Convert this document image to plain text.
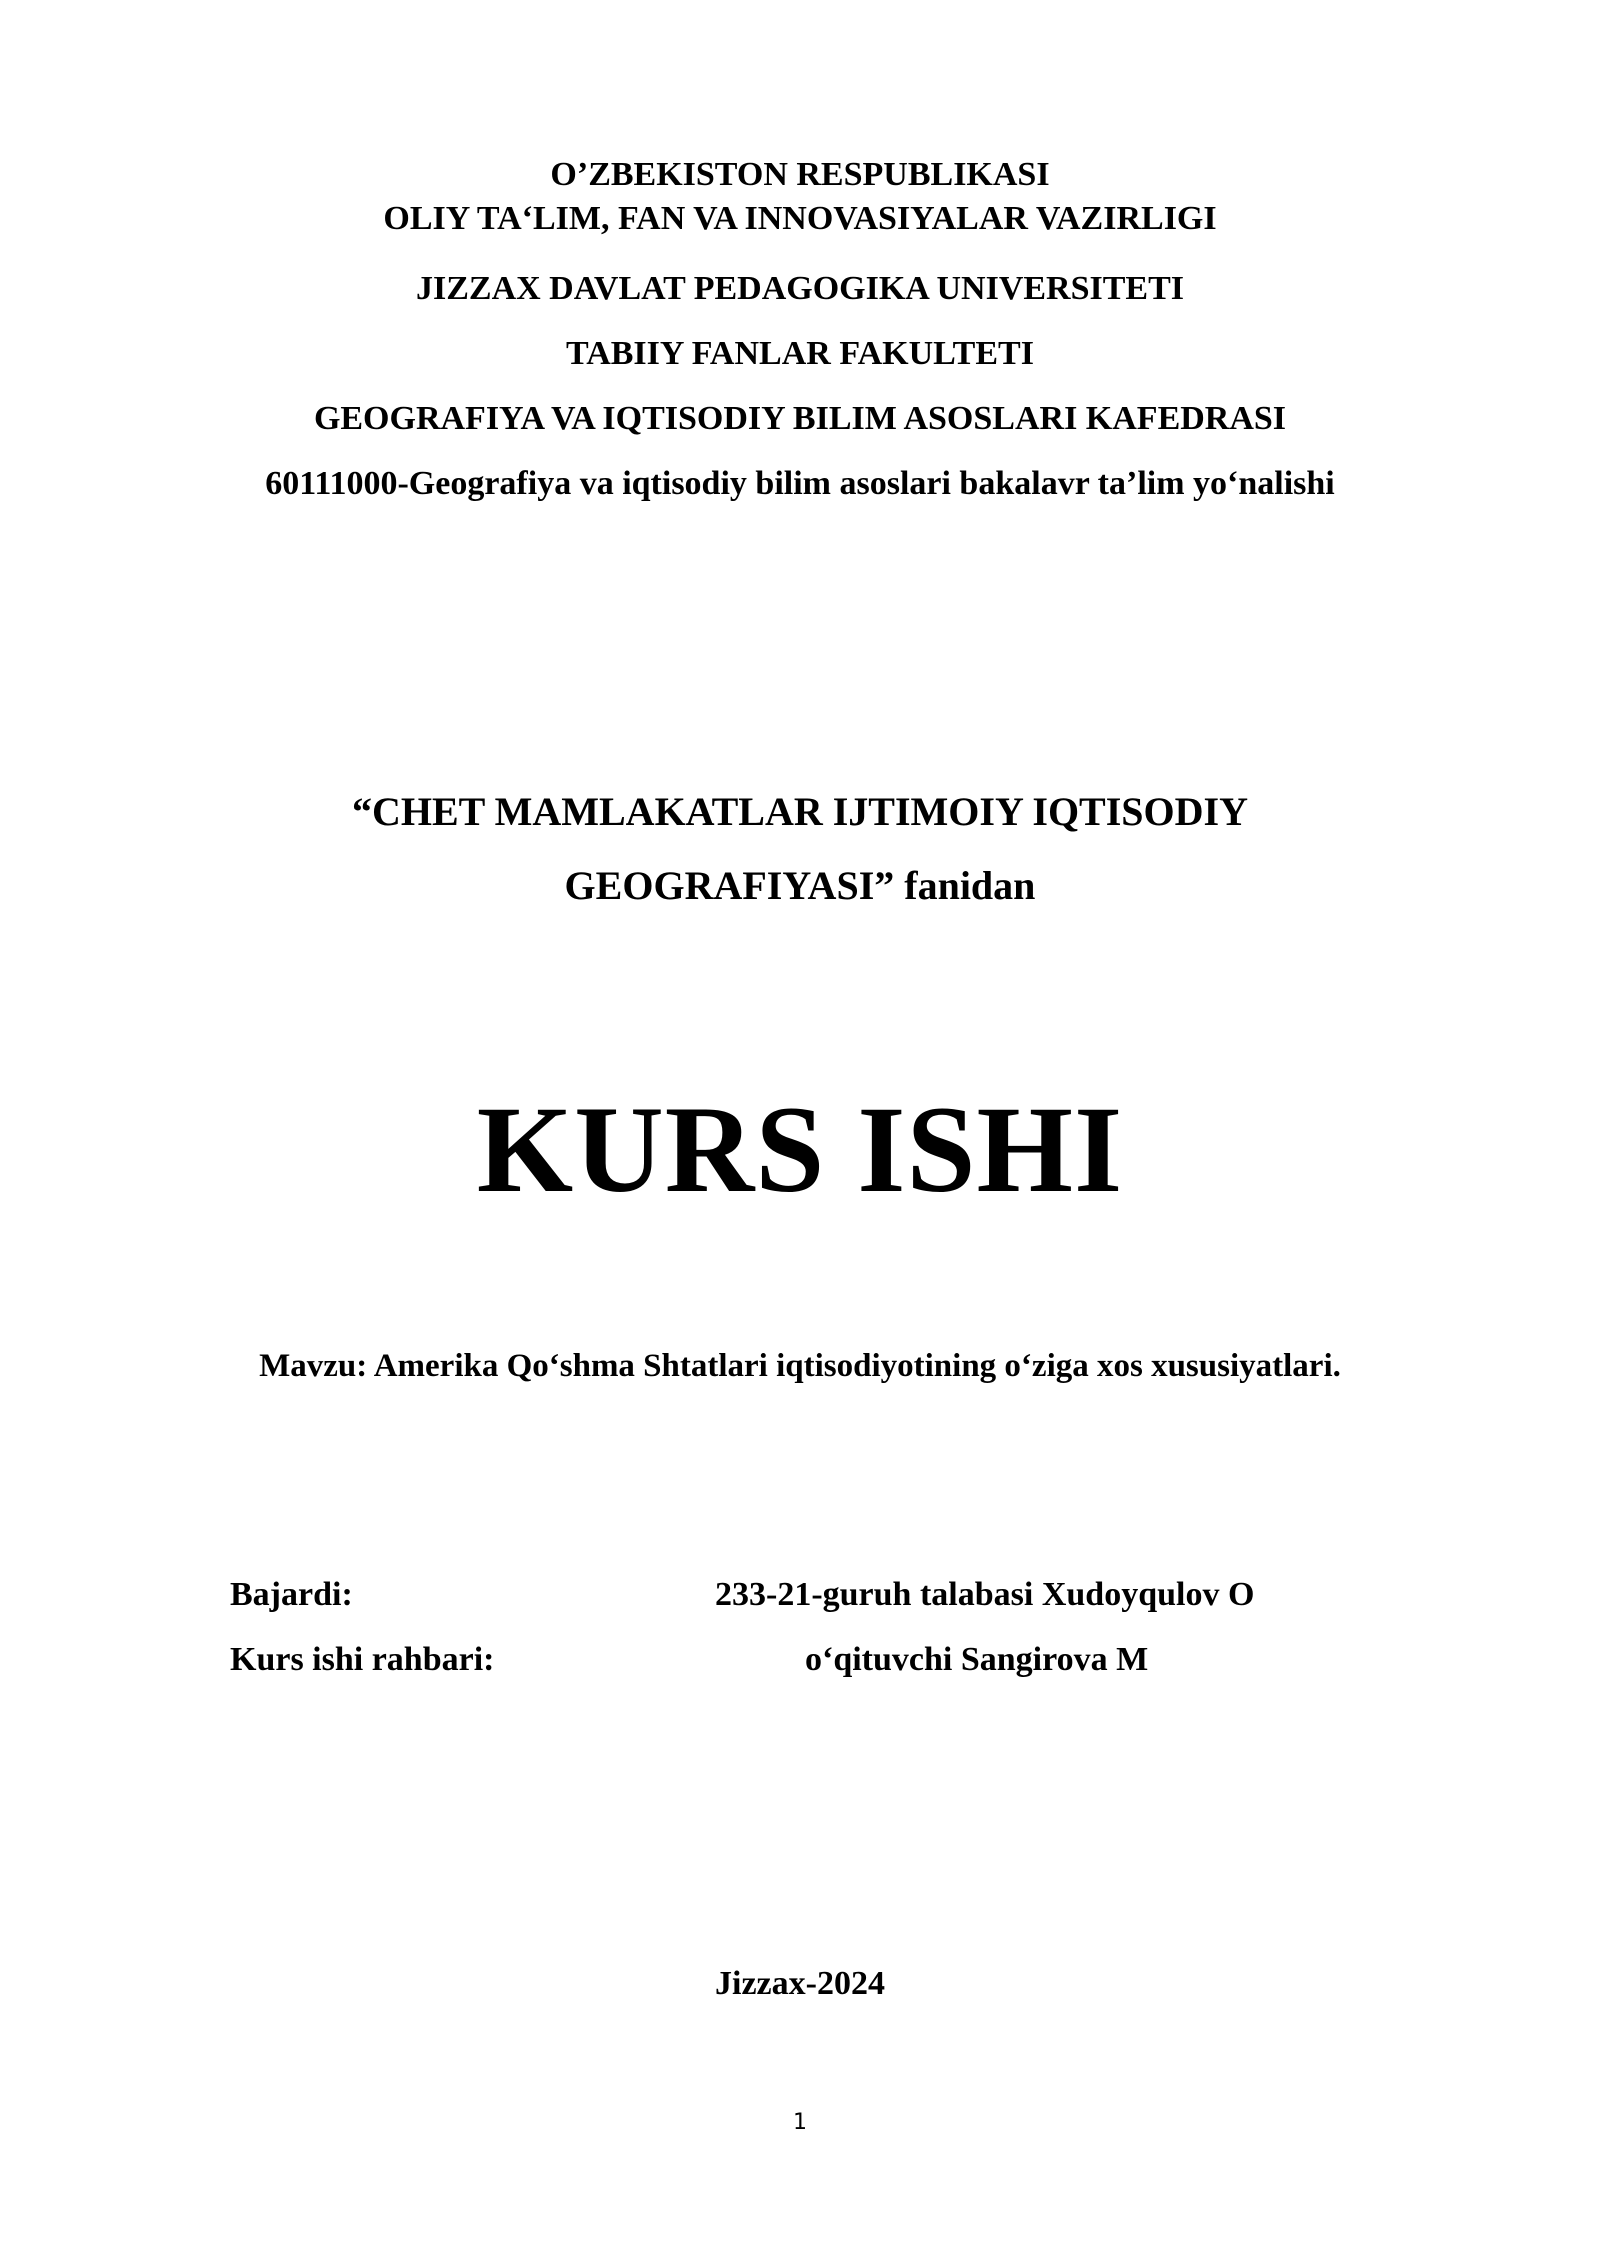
O’ZBEKISTON RESPUBLIKASI
OLIY TA‘LIM, FAN VA INNOVASIYALAR VAZIRLIGI
JIZZAX DAVLAT PEDAGOGIKA UNIVERSITETI
TABIIY FANLAR FAKULTETI
GEOGRAFIYA VA IQTISODIY BILIM ASOSLARI KAFEDRASI
60111000-Geografiya va iqtisodiy bilim asoslari bakalavr ta’lim yo‘nalishi
“CHET MAMLAKATLAR IJTIMOIY IQTISODIY
GEOGRAFIYASI” fanidan
KURS ISHI
Mavzu: Amerika Qo‘shma Shtatlari iqtisodiyotining o‘ziga xos xususiyatlari.
Bajardi:	233-21-guruh talabasi Xudoyqulov O
Kurs ishi rahbari:	o‘qituvchi Sangirova M
Jizzax-2024
1
